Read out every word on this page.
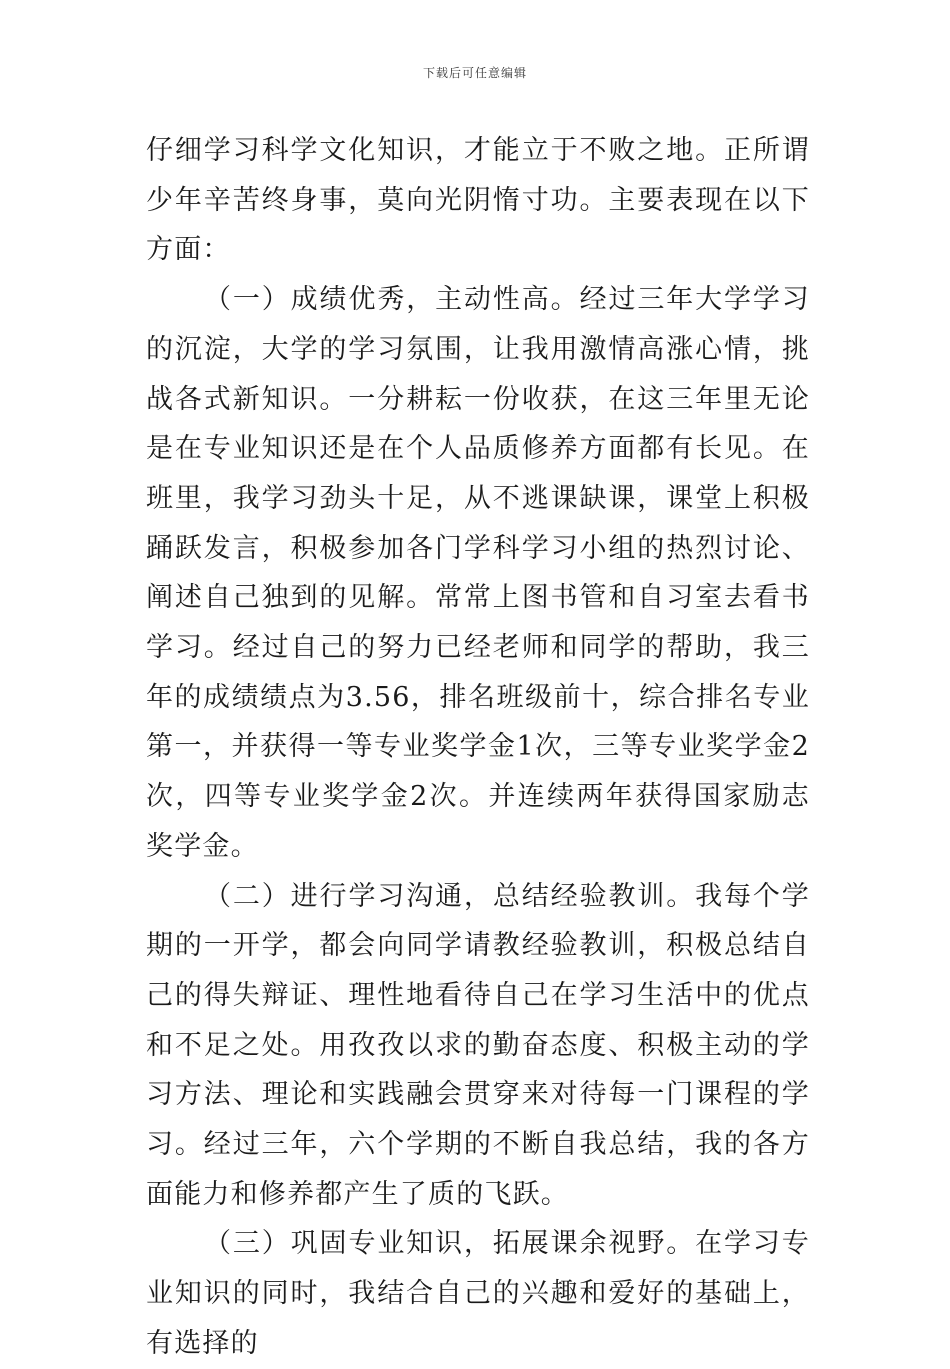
下载后可任意编辑

仔细学习科学文化知识，才能立于不败之地。正所谓少年辛苦终身事，莫向光阴惰寸功。主要表现在以下方面：

（一）成绩优秀，主动性高。经过三年大学学习的沉淀，大学的学习氛围，让我用激情高涨心情，挑战各式新知识。一分耕耘一份收获，在这三年里无论是在专业知识还是在个人品质修养方面都有长见。在班里，我学习劲头十足，从不逃课缺课，课堂上积极踊跃发言，积极参加各门学科学习小组的热烈讨论、阐述自己独到的见解。常常上图书管和自习室去看书学习。经过自己的努力已经老师和同学的帮助，我三年的成绩绩点为3.56，排名班级前十，综合排名专业第一，并获得一等专业奖学金1次，三等专业奖学金2次，四等专业奖学金2次。并连续两年获得国家励志奖学金。

（二）进行学习沟通，总结经验教训。我每个学期的一开学，都会向同学请教经验教训，积极总结自己的得失辩证、理性地看待自己在学习生活中的优点和不足之处。用孜孜以求的勤奋态度、积极主动的学习方法、理论和实践融会贯穿来对待每一门课程的学习。经过三年，六个学期的不断自我总结，我的各方面能力和修养都产生了质的飞跃。

（三）巩固专业知识，拓展课余视野。在学习专业知识的同时，我结合自己的兴趣和爱好的基础上，有选择的
